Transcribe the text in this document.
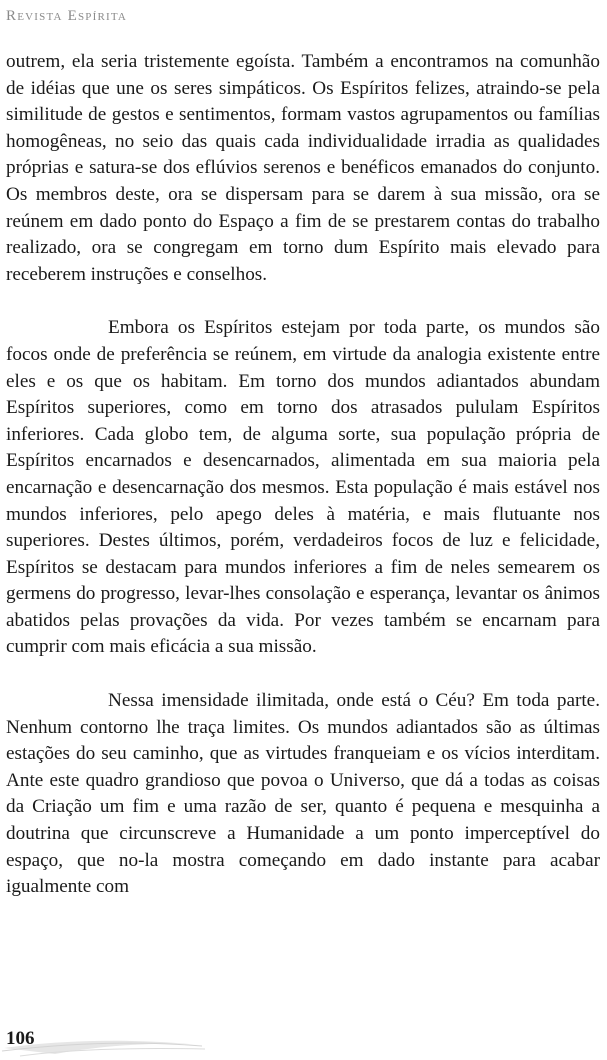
Revista Espírita

outrem, ela seria tristemente egoísta. Também a encontramos na comunhão de idéias que une os seres simpáticos. Os Espíritos felizes, atraindo-se pela similitude de gestos e sentimentos, formam vastos agrupamentos ou famílias homogêneas, no seio das quais cada individualidade irradia as qualidades próprias e satura-se dos eflúvios serenos e benéficos emanados do conjunto. Os membros deste, ora se dispersam para se darem à sua missão, ora se reúnem em dado ponto do Espaço a fim de se prestarem contas do trabalho realizado, ora se congregam em torno dum Espírito mais elevado para receberem instruções e conselhos.

Embora os Espíritos estejam por toda parte, os mundos são focos onde de preferência se reúnem, em virtude da analogia existente entre eles e os que os habitam. Em torno dos mundos adiantados abundam Espíritos superiores, como em torno dos atrasados pululam Espíritos inferiores. Cada globo tem, de alguma sorte, sua população própria de Espíritos encarnados e desencarnados, alimentada em sua maioria pela encarnação e desencarnação dos mesmos. Esta população é mais estável nos mundos inferiores, pelo apego deles à matéria, e mais flutuante nos superiores. Destes últimos, porém, verdadeiros focos de luz e felicidade, Espíritos se destacam para mundos inferiores a fim de neles semearem os germens do progresso, levar-lhes consolação e esperança, levantar os ânimos abatidos pelas provações da vida. Por vezes também se encarnam para cumprir com mais eficácia a sua missão.

Nessa imensidade ilimitada, onde está o Céu? Em toda parte. Nenhum contorno lhe traça limites. Os mundos adiantados são as últimas estações do seu caminho, que as virtudes franqueiam e os vícios interditam. Ante este quadro grandioso que povoa o Universo, que dá a todas as coisas da Criação um fim e uma razão de ser, quanto é pequena e mesquinha a doutrina que circunscreve a Humanidade a um ponto imperceptível do espaço, que no-la mostra começando em dado instante para acabar igualmente com

106
